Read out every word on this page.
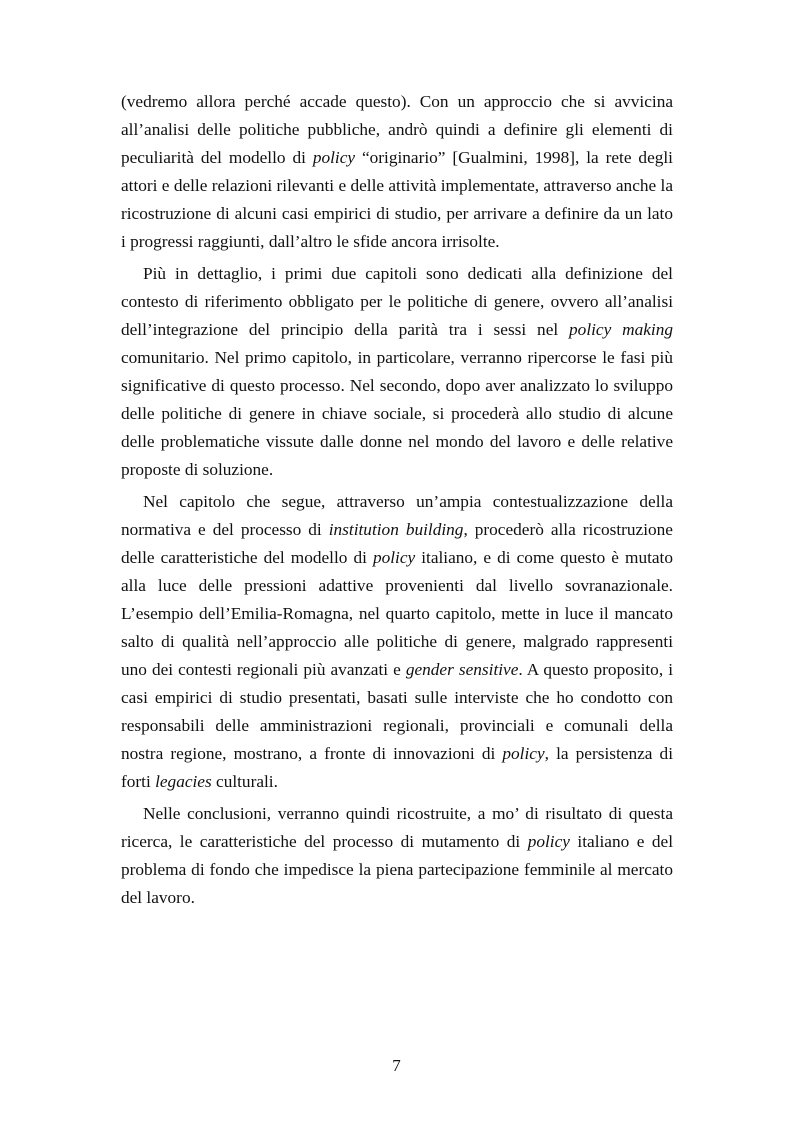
(vedremo allora perché accade questo). Con un approccio che si avvicina all’analisi delle politiche pubbliche, andrò quindi a definire gli elementi di peculiarità del modello di policy “originario” [Gualmini, 1998], la rete degli attori e delle relazioni rilevanti e delle attività implementate, attraverso anche la ricostruzione di alcuni casi empirici di studio, per arrivare a definire da un lato i progressi raggiunti, dall’altro le sfide ancora irrisolte.

Più in dettaglio, i primi due capitoli sono dedicati alla definizione del contesto di riferimento obbligato per le politiche di genere, ovvero all’analisi dell’integrazione del principio della parità tra i sessi nel policy making comunitario. Nel primo capitolo, in particolare, verranno ripercorse le fasi più significative di questo processo. Nel secondo, dopo aver analizzato lo sviluppo delle politiche di genere in chiave sociale, si procederà allo studio di alcune delle problematiche vissute dalle donne nel mondo del lavoro e delle relative proposte di soluzione.

Nel capitolo che segue, attraverso un’ampia contestualizzazione della normativa e del processo di institution building, procederò alla ricostruzione delle caratteristiche del modello di policy italiano, e di come questo è mutato alla luce delle pressioni adattive provenienti dal livello sovranazionale. L’esempio dell’Emilia-Romagna, nel quarto capitolo, mette in luce il mancato salto di qualità nell’approccio alle politiche di genere, malgrado rappresenti uno dei contesti regionali più avanzati e gender sensitive. A questo proposito, i casi empirici di studio presentati, basati sulle interviste che ho condotto con responsabili delle amministrazioni regionali, provinciali e comunali della nostra regione, mostrano, a fronte di innovazioni di policy, la persistenza di forti legacies culturali.

Nelle conclusioni, verranno quindi ricostruite, a mo’ di risultato di questa ricerca, le caratteristiche del processo di mutamento di policy italiano e del problema di fondo che impedisce la piena partecipazione femminile al mercato del lavoro.

7
